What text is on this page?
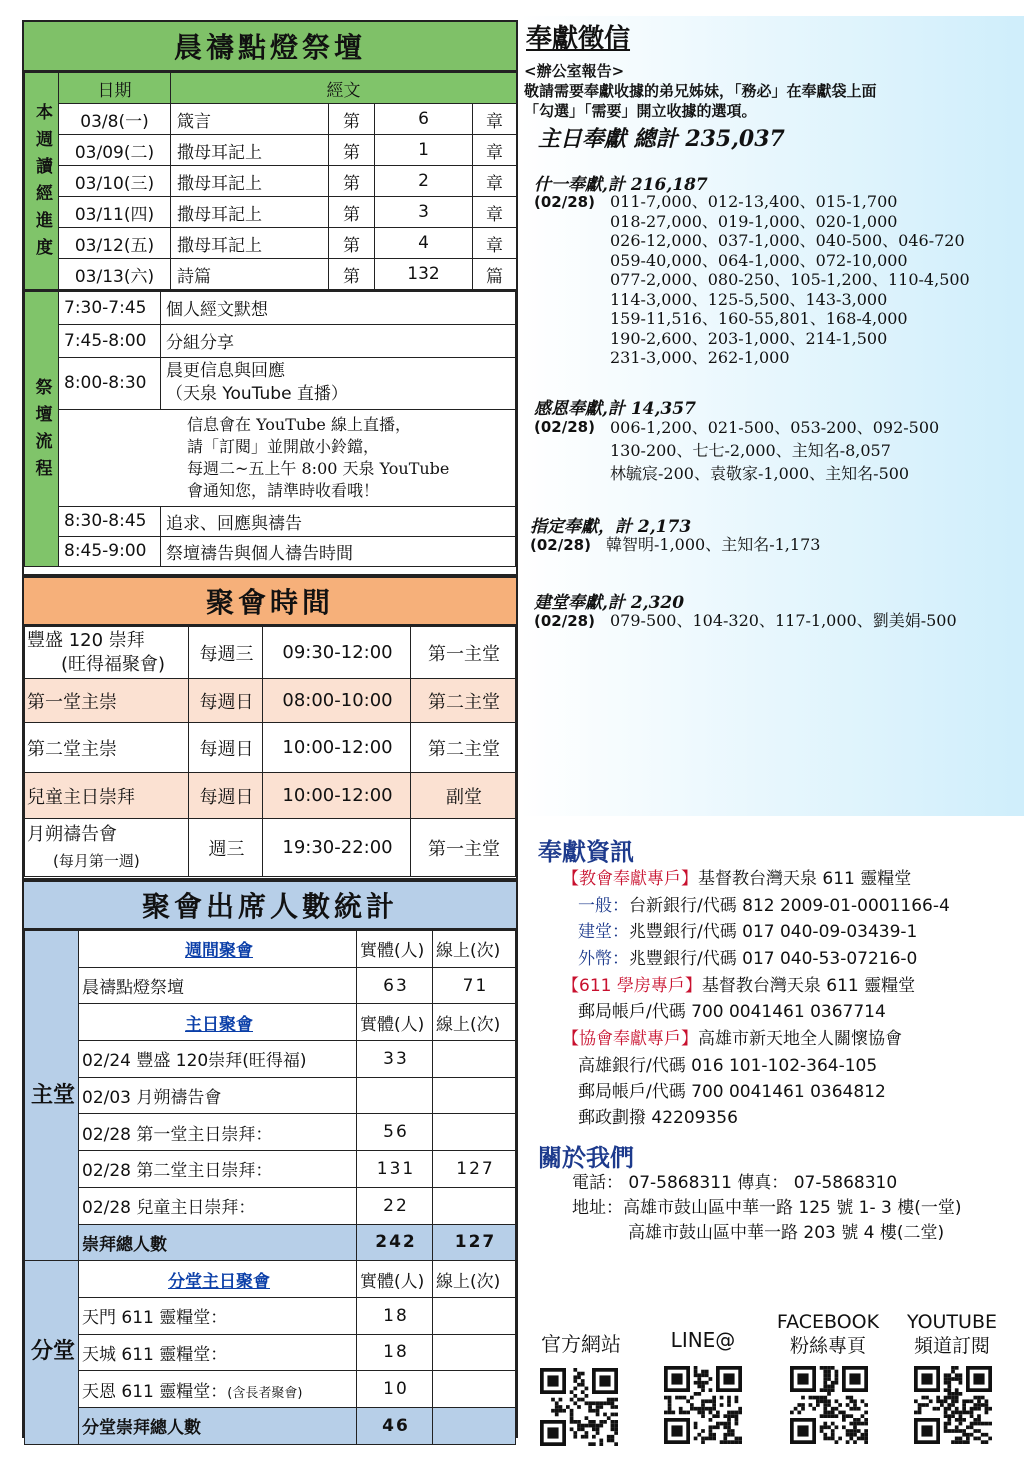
晨禱點燈祭壇
本週讀經進度	日期	經文			
	03/8(一)	箴言	第	6	章
	03/09(二)	撒母耳記上	第	1	章
	03/10(三)	撒母耳記上	第	2	章
	03/11(四)	撒母耳記上	第	3	章
	03/12(五)	撒母耳記上	第	4	章
	03/13(六)	詩篇	第	132	篇
祭壇流程	7:30-7:45	個人經文默想
	7:45-8:00	分組分享
	8:00-8:30	晨更信息與回應
（天泉 YouTube 直播）

	信息會在 YouTube 線上直播，
請「訂閱」並開啟小鈴鐺，
每週二~五上午 8:00 天泉 YouTube
會通知您，請準時收看哦！	

	8:30-8:45	追求、回應與禱告
	8:45-9:00	祭壇禱告與個人禱告時間
聚會時間
豐盛 120 崇拜
(旺得福聚會)	每週三	09:30-12:00	第一主堂
第一堂主崇	每週日	08:00-10:00	第二主堂
第二堂主崇	每週日	10:00-12:00	第二主堂
兒童主日崇拜	每週日	10:00-12:00	副堂

月朔禱告會
(每月第一週)	週三	19:30-22:00	第一主堂
聚會出席人數統計
主堂	週間聚會	實體(人)	線上(次)
	晨禱點燈祭壇	63	71
	主日聚會	實體(人)	線上(次)
	02/24 豐盛 120崇拜(旺得福)	33	
	02/03 月朔禱告會		
	02/28 第一堂主日崇拜：	56	
	02/28 第二堂主日崇拜：	131	127
	02/28 兒童主日崇拜：	22	
	崇拜總人數	242	127
分堂	分堂主日聚會	實體(人)	線上(次)
	天門 611 靈糧堂：	18	
	天城 611 靈糧堂：	18	
	天恩 611 靈糧堂：(含長者聚會)	10	
	分堂崇拜總人數	46	
奉獻徵信
<辦公室報告>
敬請需要奉獻收據的弟兄姊妹，「務必」在奉獻袋上面
「勾選」「需要」開立收據的選項。
主日奉獻 總計 235,037
什一奉獻,計 216,187
(02/28) 011-7,000、012-13,400、015-1,700
018-27,000、019-1,000、020-1,000
026-12,000、037-1,000、040-500、046-720
059-40,000、064-1,000、072-10,000
077-2,000、080-250、105-1,200、110-4,500
114-3,000、125-5,500、143-3,000
159-11,516、160-55,801、168-4,000
190-2,600、203-1,000、214-1,500
231-3,000、262-1,000
感恩奉獻,計 14,357
(02/28) 006-1,200、021-500、053-200、092-500
130-200、七七-2,000、主知名-8,057
林毓宸-200、袁敬家-1,000、主知名-500
指定奉獻，計 2,173
(02/28) 韓智明-1,000、主知名-1,173
建堂奉獻,計 2,320
(02/28) 079-500、104-320、117-1,000、劉美娟-500
奉獻資訊
【教會奉獻專戶】基督教台灣天泉 611 靈糧堂
一般：台新銀行/代碼 812 2009-01-0001166-4
建堂：兆豐銀行/代碼 017 040-09-03439-1
外幣：兆豐銀行/代碼 017 040-53-07216-0
【611 學房專戶】基督教台灣天泉 611 靈糧堂
郵局帳戶/代碼 700 0041461 0367714
【協會奉獻專戶】高雄市新天地全人關懷協會
高雄銀行/代碼 016 101-102-364-105
郵局帳戶/代碼 700 0041461 0364812
郵政劃撥 42209356
關於我們
電話： 07-5868311 傳真： 07-5868310
地址：高雄市鼓山區中華一路 125 號 1- 3 樓(一堂)
高雄市鼓山區中華一路 203 號 4 樓(二堂)
官方網站	LINE@
FACEBOOK
粉絲專頁
YOUTUBE
頻道訂閱
